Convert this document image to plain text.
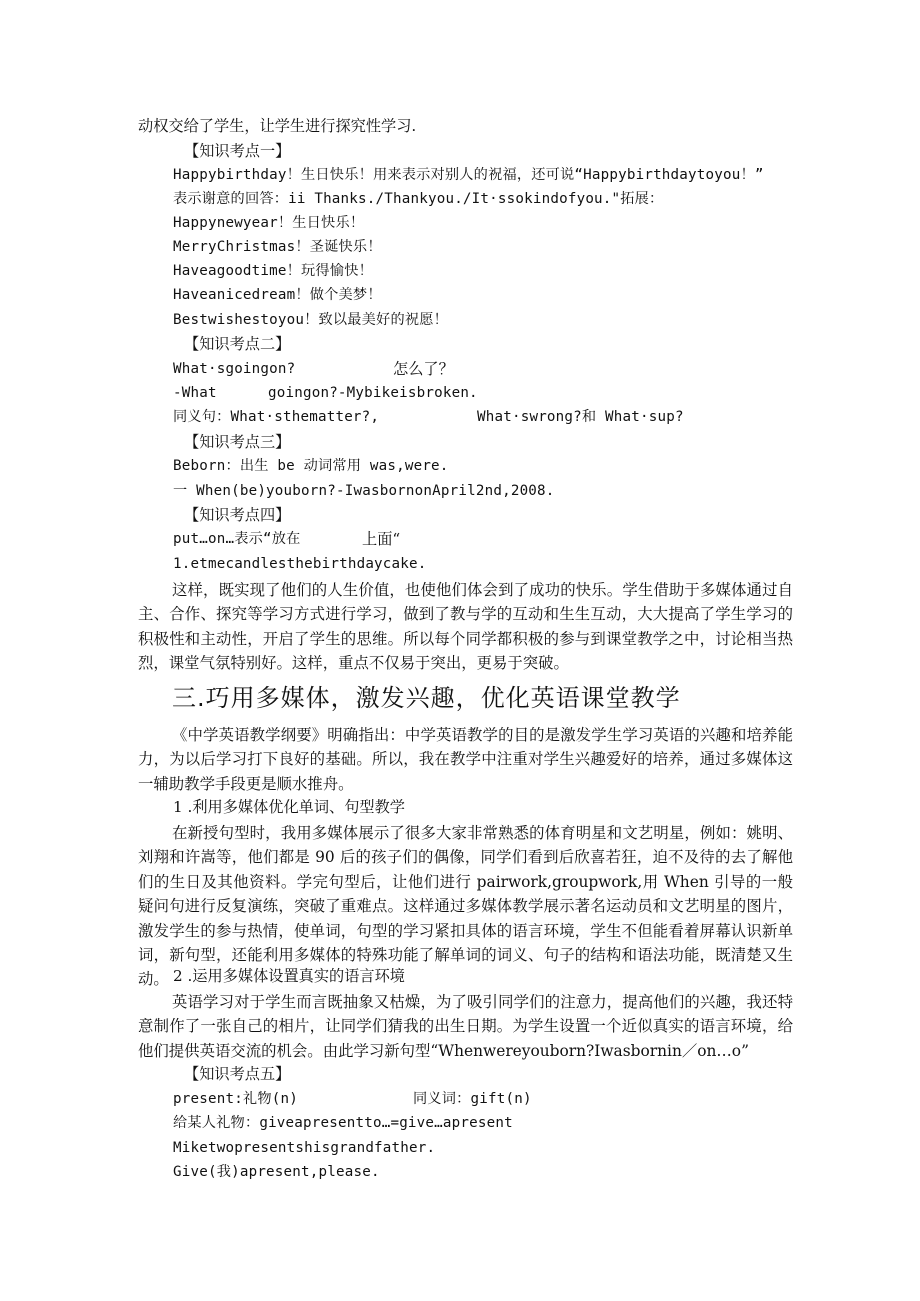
动权交给了学生，让学生进行探究性学习.
【知识考点一】
Happybirthday！生日快乐！用来表示对别人的祝福，还可说“Happybirthdaytoyou！”
表示谢意的回答：ii Thanks./Thankyou./It·ssokindofyou."拓展：
Happynewyear！生日快乐！
MerryChristmas！圣诞快乐！
Haveagoodtime！玩得愉快！
Haveanicedream！做个美梦！
Bestwishestoyou！致以最美好的祝愿！
【知识考点二】
What·sgoingon?	怎么了？
-What	goingon?-Mybikeisbroken.
同义句：What·sthematter?,	What·swrong?和 What·sup?
【知识考点三】
Beborn：出生 be 动词常用 was,were.
一 When(be)youborn?-IwasbornonApril2nd,2008.
【知识考点四】
put…on…表示“放在	上面“
1.etmecandlesthebirthdaycake.
这样，既实现了他们的人生价值，也使他们体会到了成功的快乐。学生借助于多媒体通过自主、合作、探究等学习方式进行学习，做到了教与学的互动和生生互动，大大提高了学生学习的积极性和主动性，开启了学生的思维。所以每个同学都积极的参与到课堂教学之中，讨论相当热烈，课堂气氛特别好。这样，重点不仅易于突出，更易于突破。
三.巧用多媒体，激发兴趣，优化英语课堂教学
《中学英语教学纲要》明确指出：中学英语教学的目的是激发学生学习英语的兴趣和培养能力，为以后学习打下良好的基础。所以，我在教学中注重对学生兴趣爱好的培养，通过多媒体这一辅助教学手段更是顺水推舟。
1 .利用多媒体优化单词、句型教学
在新授句型时，我用多媒体展示了很多大家非常熟悉的体育明星和文艺明星，例如：姚明、刘翔和许嵩等，他们都是 90 后的孩子们的偶像，同学们看到后欣喜若狂，迫不及待的去了解他们的生日及其他资料。学完句型后，让他们进行 pairwork,groupwork,用 When 引导的一般疑问句进行反复演练，突破了重难点。这样通过多媒体教学展示著名运动员和文艺明星的图片，激发学生的参与热情，使单词，句型的学习紧扣具体的语言环境，学生不但能看着屏幕认识新单词，新句型，还能利用多媒体的特殊功能了解单词的词义、句子的结构和语法功能，既清楚又生动。 2 .运用多媒体设置真实的语言环境
英语学习对于学生而言既抽象又枯燥，为了吸引同学们的注意力，提高他们的兴趣，我还特意制作了一张自己的相片，让同学们猜我的出生日期。为学生设置一个近似真实的语言环境，给他们提供英语交流的机会。由此学习新句型“Whenwereyouborn?Iwasbornin／on…o”
【知识考点五】
present:礼物(n)	同义词：gift(n)
给某人礼物：giveapresentto…=give…apresent
Miketwopresentshisgrandfather.
Give(我)apresent,please.
